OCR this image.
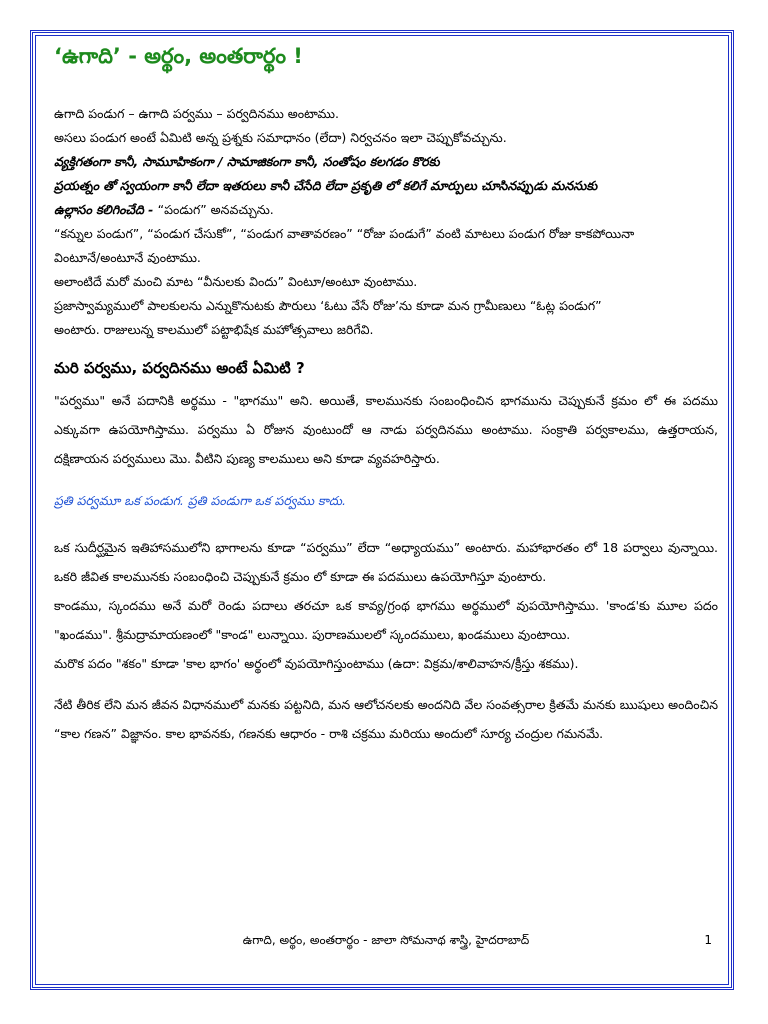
‘ఉగాది’ - అర్థం, అంతరార్థం !

ఉగాది పండుగ – ఉగాది పర్వము – పర్వదినము అంటాము.

అసలు పండుగ అంటే ఏమిటి అన్న ప్రశ్నకు సమాధానం (లేదా) నిర్వచనం ఇలా చెప్పుకోవచ్చును.

వ్యక్తిగతంగా కానీ, సామూహికంగా / సామాజికంగా కానీ, సంతోషం కలగడం కొరకు

ప్రయత్నం తో స్వయంగా కానీ లేదా ఇతరులు కానీ చేసేది లేదా ప్రకృతి లో కలిగే మార్పులు చూసినప్పుడు మనసుకు

ఉల్లాసం కలిగించేది - “పండుగ” అనవచ్చును.

“కన్నుల పండుగ”, “పండుగ చేసుకో”, “పండుగ వాతావరణం” “రోజు పండుగే” వంటి మాటలు పండుగ రోజు కాకపోయినా

వింటూనే/అంటూనే వుంటాము.

అలాంటిదే మరో మంచి మాట “వీనులకు విందు” వింటూ/అంటూ వుంటాము.

ప్రజాస్వామ్యములో పాలకులను ఎన్నుకొనుటకు పౌరులు ‘ఓటు వేసే రోజు’ను కూడా మన గ్రామీణులు “ఓట్ల పండుగ”

అంటారు. రాజులున్న కాలములో పట్టాభిషేక మహోత్సవాలు జరిగేవి.

మరి పర్వము, పర్వదినము అంటే ఏమిటి ?

"పర్వము" అనే పదానికి అర్థము - "భాగము" అని. అయితే, కాలమునకు సంబంధించిన భాగమును చెప్పుకునే క్రమం లో ఈ పదము ఎక్కువగా ఉపయోగిస్తాము. పర్వము ఏ రోజున వుంటుందో ఆ నాడు పర్వదినము అంటాము. సంక్రాతి పర్వకాలము, ఉత్తరాయన, దక్షిణాయన పర్వములు మొ. వీటిని పుణ్య కాలములు అని కూడా వ్యవహరిస్తారు.

ప్రతి పర్వమూ ఒక పండుగ. ప్రతి పండుగా ఒక పర్వము కాదు.

ఒక సుదీర్ఘమైన ఇతిహాసములోని భాగాలను కూడా “పర్వము” లేదా “అధ్యాయము” అంటారు. మహాభారతం లో 18 పర్వాలు వున్నాయి. ఒకరి జీవిత కాలమునకు సంబంధించి చెప్పుకునే క్రమం లో కూడా ఈ పదములు ఉపయోగిస్తూ వుంటారు.

కాండము, స్కందము అనే మరో రెండు పదాలు తరచూ ఒక కావ్య/గ్రంథ భాగము అర్థములో వుపయోగిస్తాము. 'కాండ'కు మూల పదం "ఖండము". శ్రీమద్రామాయణంలో "కాండ" లున్నాయి. పురాణములలో స్కందములు, ఖండములు వుంటాయి.

మరొక పదం "శకం" కూడా 'కాల భాగం' అర్థంలో వుపయోగిస్తుంటాము (ఉదా: విక్రమ/శాలివాహన/క్రీస్తు శకము).

నేటి తీరిక లేని మన జీవన విధానములో మనకు పట్టనిది, మన ఆలోచనలకు అందనిది వేల సంవత్సరాల క్రితమే మనకు ఋషులు అందించిన “కాల గణన” విజ్ఞానం. కాల భావనకు, గణనకు ఆధారం - రాశి చక్రము మరియు అందులో సూర్య చంద్రుల గమనమే.

ఉగాది, అర్థం, అంతరార్థం - జాలా సోమనాథ శాస్త్రి, హైదరాబాద్	1
